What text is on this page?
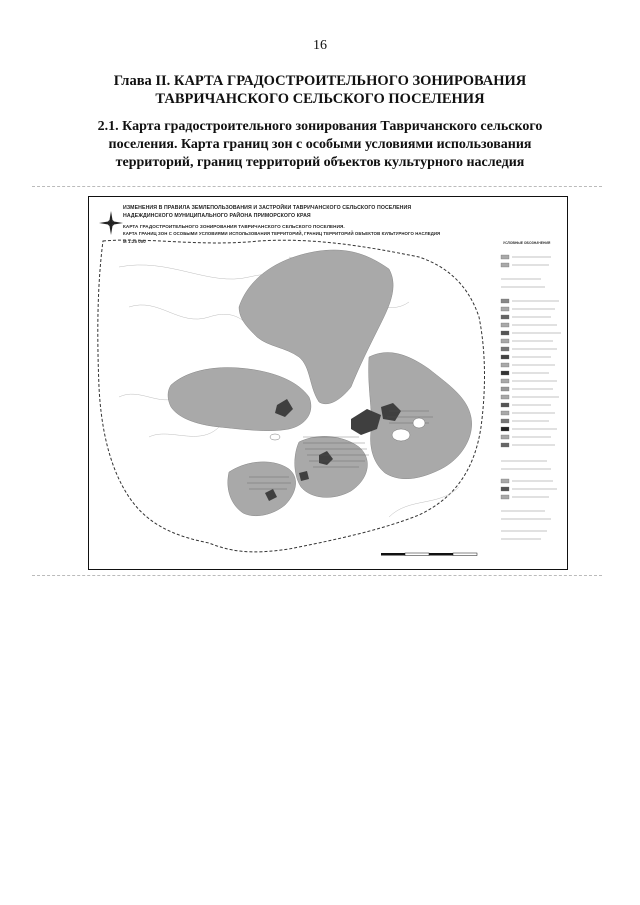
16
Глава II. КАРТА ГРАДОСТРОИТЕЛЬНОГО ЗОНИРОВАНИЯ
ТАВРИЧАНСКОГО СЕЛЬСКОГО ПОСЕЛЕНИЯ
2.1. Карта градостроительного зонирования Тавричанского сельского
поселения. Карта границ зон с особыми условиями использования
территорий, границ территорий объектов культурного наследия
ИЗМЕНЕНИЯ В ПРАВИЛА ЗЕМЛЕПОЛЬЗОВАНИЯ И ЗАСТРОЙКИ ТАВРИЧАНСКОГО СЕЛЬСКОГО ПОСЕЛЕНИЯ
НАДЕЖДИНСКОГО МУНИЦИПАЛЬНОГО РАЙОНА ПРИМОРСКОГО КРАЯ
КАРТА ГРАДОСТРОИТЕЛЬНОГО ЗОНИРОВАНИЯ ТАВРИЧАНСКОГО СЕЛЬСКОГО ПОСЕЛЕНИЯ.
КАРТА ГРАНИЦ ЗОН С ОСОБЫМИ УСЛОВИЯМИ ИСПОЛЬЗОВАНИЯ ТЕРРИТОРИЙ, ГРАНИЦ ТЕРРИТОРИЙ ОБЪЕКТОВ КУЛЬТУРНОГО НАСЛЕДИЯ
М 1:25 000	УСЛОВНЫЕ ОБОЗНАЧЕНИЯ
